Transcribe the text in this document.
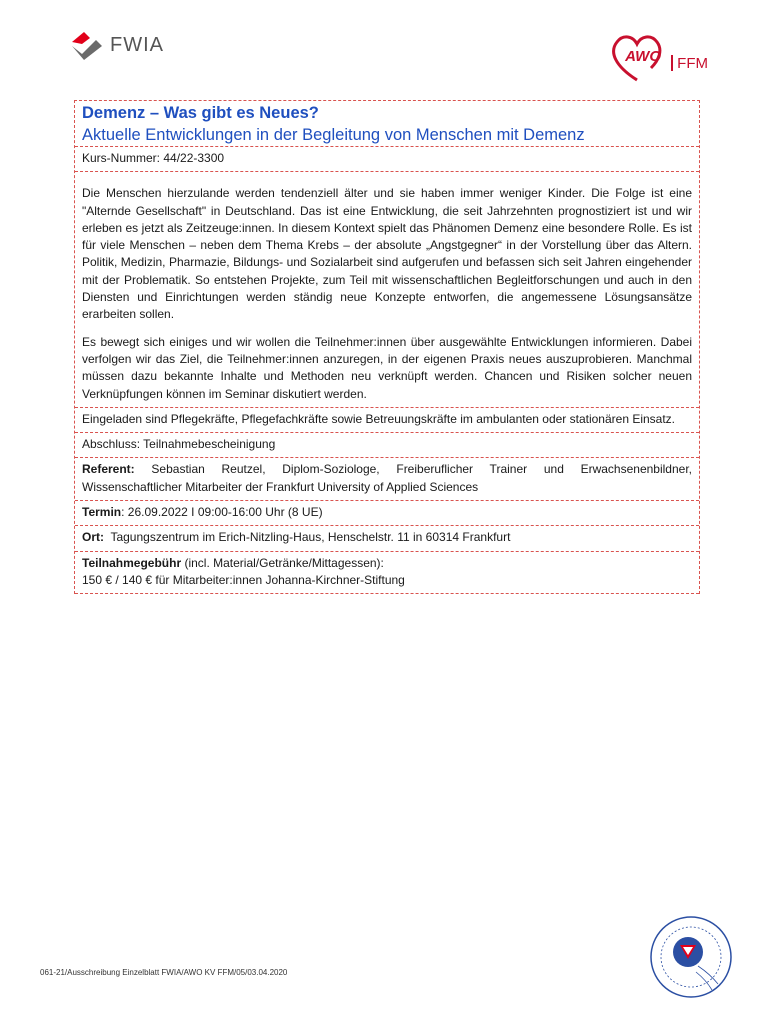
FWIA
AWO FFM
Demenz – Was gibt es Neues?
Aktuelle Entwicklungen in der Begleitung von Menschen mit Demenz
Kurs-Nummer: 44/22-3300

Die Menschen hierzulande werden tendenziell älter und sie haben immer weniger Kinder. Die Folge ist eine "Alternde Gesellschaft" in Deutschland. Das ist eine Entwicklung, die seit Jahrzehnten prognostiziert ist und wir erleben es jetzt als Zeitzeuge:innen. In diesem Kontext spielt das Phänomen Demenz eine besondere Rolle. Es ist für viele Menschen – neben dem Thema Krebs – der absolute „Angstgegner“ in der Vorstellung über das Altern. Politik, Medizin, Pharmazie, Bildungs- und Sozialarbeit sind aufgerufen und befassen sich seit Jahren eingehender mit der Problematik. So entstehen Projekte, zum Teil mit wissenschaftlichen Begleitforschungen und auch in den Diensten und Einrichtungen werden ständig neue Konzepte entworfen, die angemessene Lösungsansätze erarbeiten sollen.

Es bewegt sich einiges und wir wollen die Teilnehmer:innen über ausgewählte Entwicklungen informieren. Dabei verfolgen wir das Ziel, die Teilnehmer:innen anzuregen, in der eigenen Praxis neues auszuprobieren. Manchmal müssen dazu bekannte Inhalte und Methoden neu verknüpft werden. Chancen und Risiken solcher neuen Verknüpfungen können im Seminar diskutiert werden.

Eingeladen sind Pflegekräfte, Pflegefachkräfte sowie Betreuungskräfte im ambulanten oder stationären Einsatz.

Abschluss: Teilnahmebescheinigung

Referent: Sebastian Reutzel, Diplom-Soziologe, Freiberuflicher Trainer und Erwachsenenbildner, Wissenschaftlicher Mitarbeiter der Frankfurt University of Applied Sciences

Termin: 26.09.2022 I 09:00-16:00 Uhr (8 UE)
Ort:  Tagungszentrum im Erich-Nitzling-Haus, Henschelstr. 11 in 60314 Frankfurt
Teilnahmegebühr (incl. Material/Getränke/Mittagessen):
150 € / 140 € für Mitarbeiter:innen Johanna-Kirchner-Stiftung
061-21/Ausschreibung Einzelblatt FWIA/AWO KV FFM/05/03.04.2020
